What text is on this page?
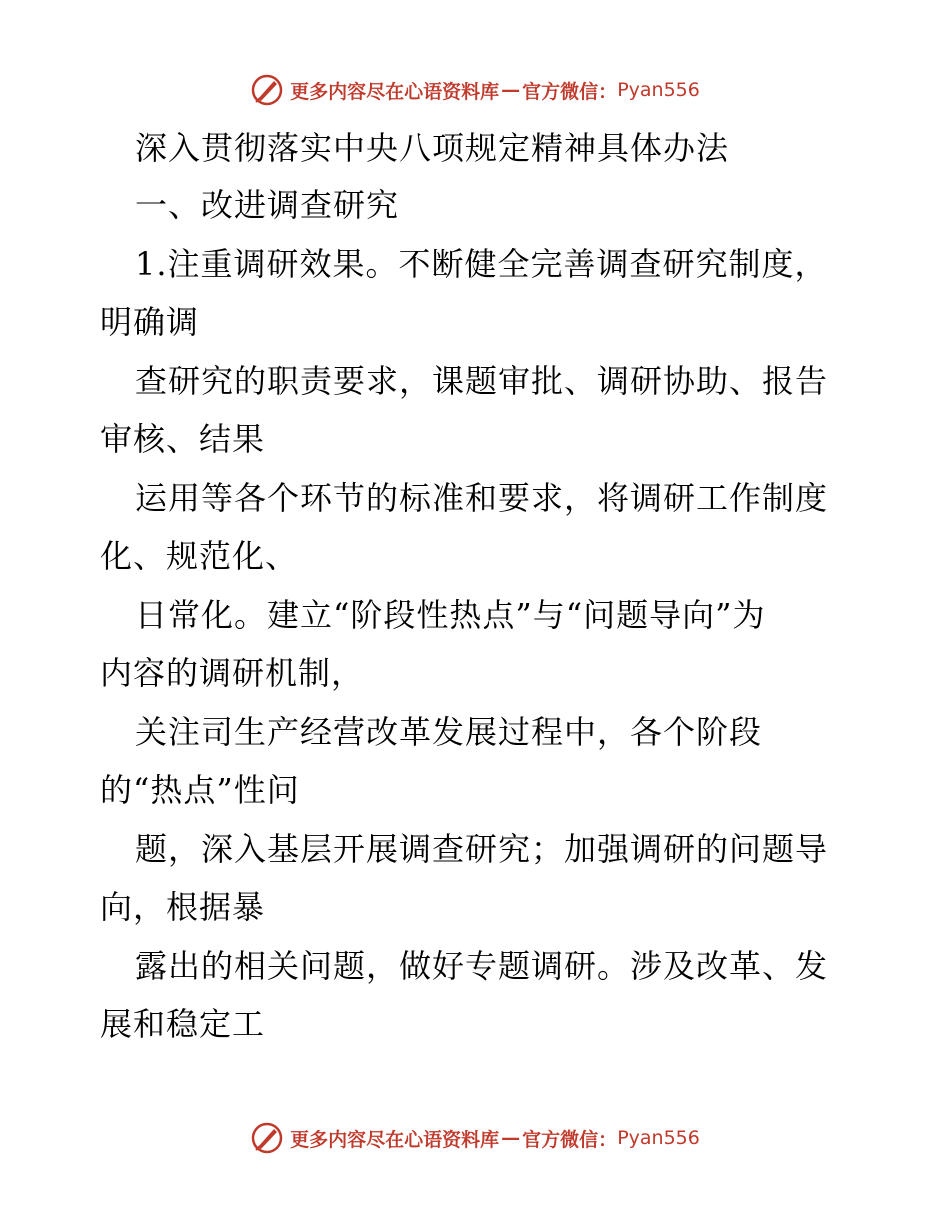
更多内容尽在心语资料库 — 官方微信： Pyan556
深入贯彻落实中央八项规定精神具体办法
一、改进调查研究
1.注重调研效果。不断健全完善调查研究制度，
明确调
查研究的职责要求，课题审批、调研协助、报告
审核、结果
运用等各个环节的标准和要求，将调研工作制度
化、规范化、
日常化。建立“阶段性热点”与“问题导向”为
内容的调研机制，
关注司生产经营改革发展过程中，各个阶段
的“热点”性问
题，深入基层开展调查研究；加强调研的问题导
向，根据暴
露出的相关问题，做好专题调研。涉及改革、发
展和稳定工
更多内容尽在心语资料库 — 官方微信： Pyan556
